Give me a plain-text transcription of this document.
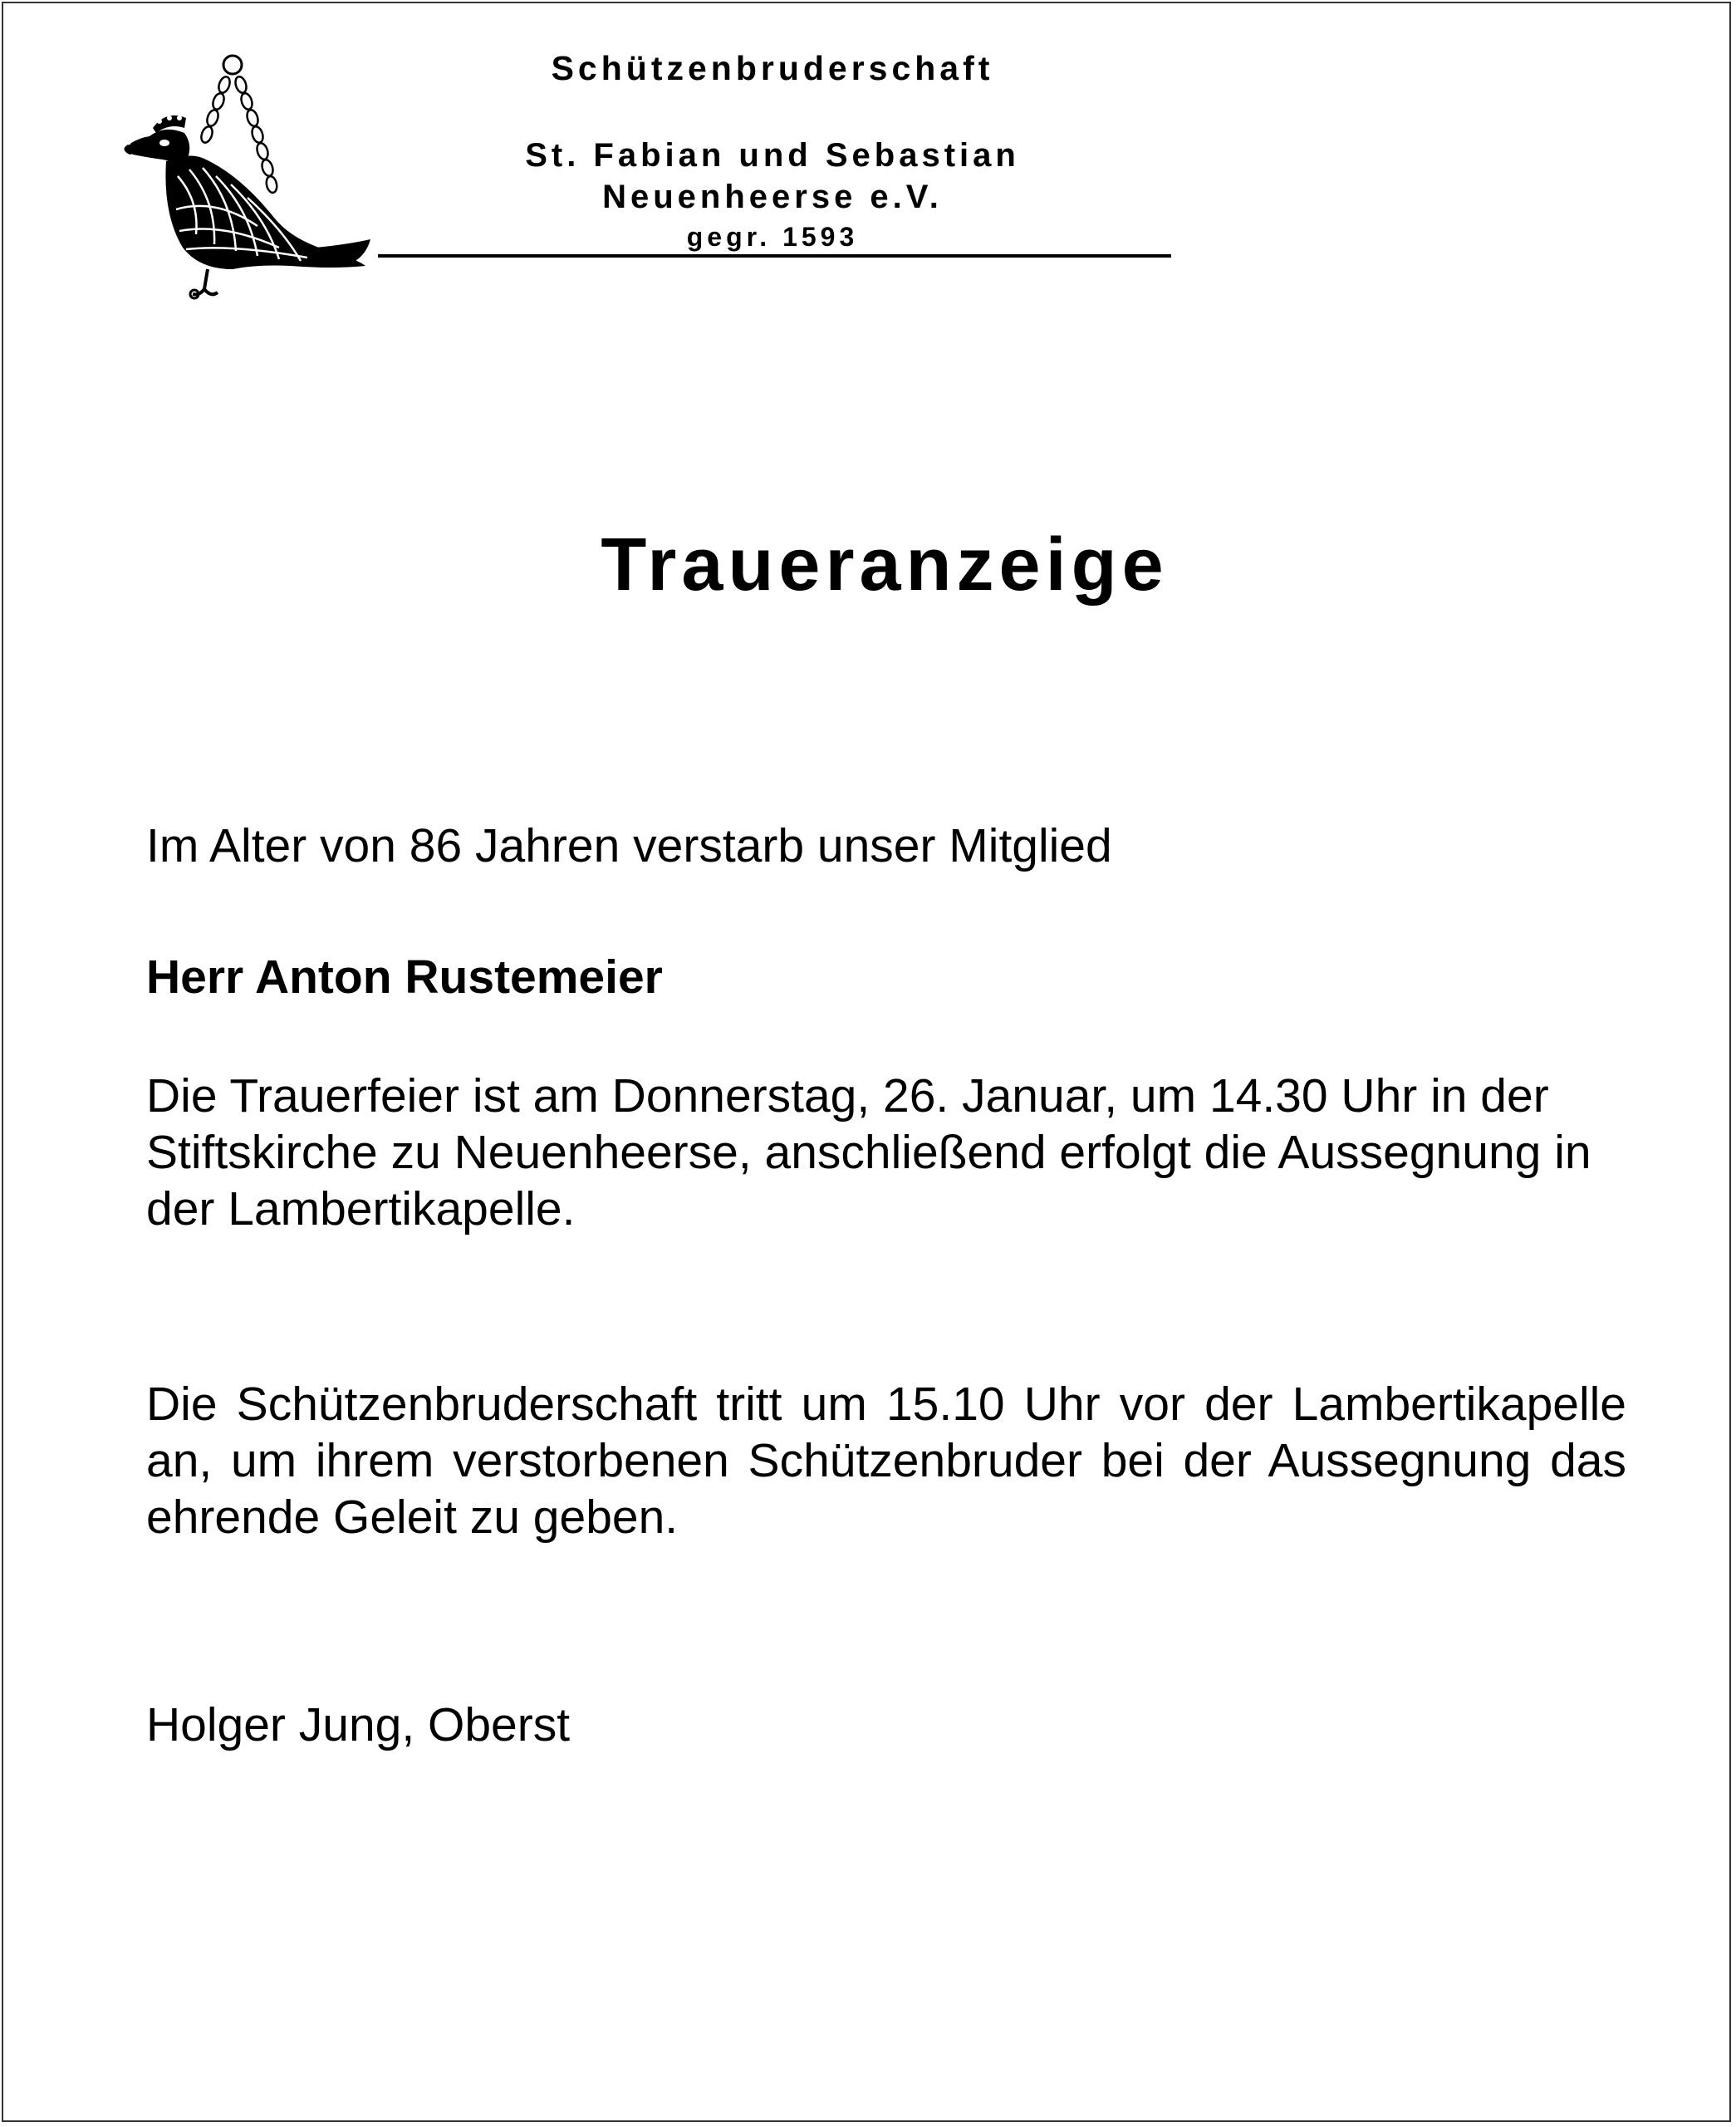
Schützenbruderschaft

St. Fabian und Sebastian

Neuenheerse e.V.

gegr. 1593

Traueranzeige
Im Alter von 86 Jahren verstarb unser Mitglied
Herr Anton Rustemeier
Die Trauerfeier ist am Donnerstag, 26. Januar, um 14.30 Uhr in der Stiftskirche zu Neuenheerse, anschließend erfolgt die Aussegnung in der Lambertikapelle.
Die Schützenbruderschaft tritt um 15.10 Uhr vor der Lambertikapelle an, um ihrem verstorbenen Schützenbruder bei der Aussegnung das ehrende Geleit zu geben.
Holger Jung, Oberst
